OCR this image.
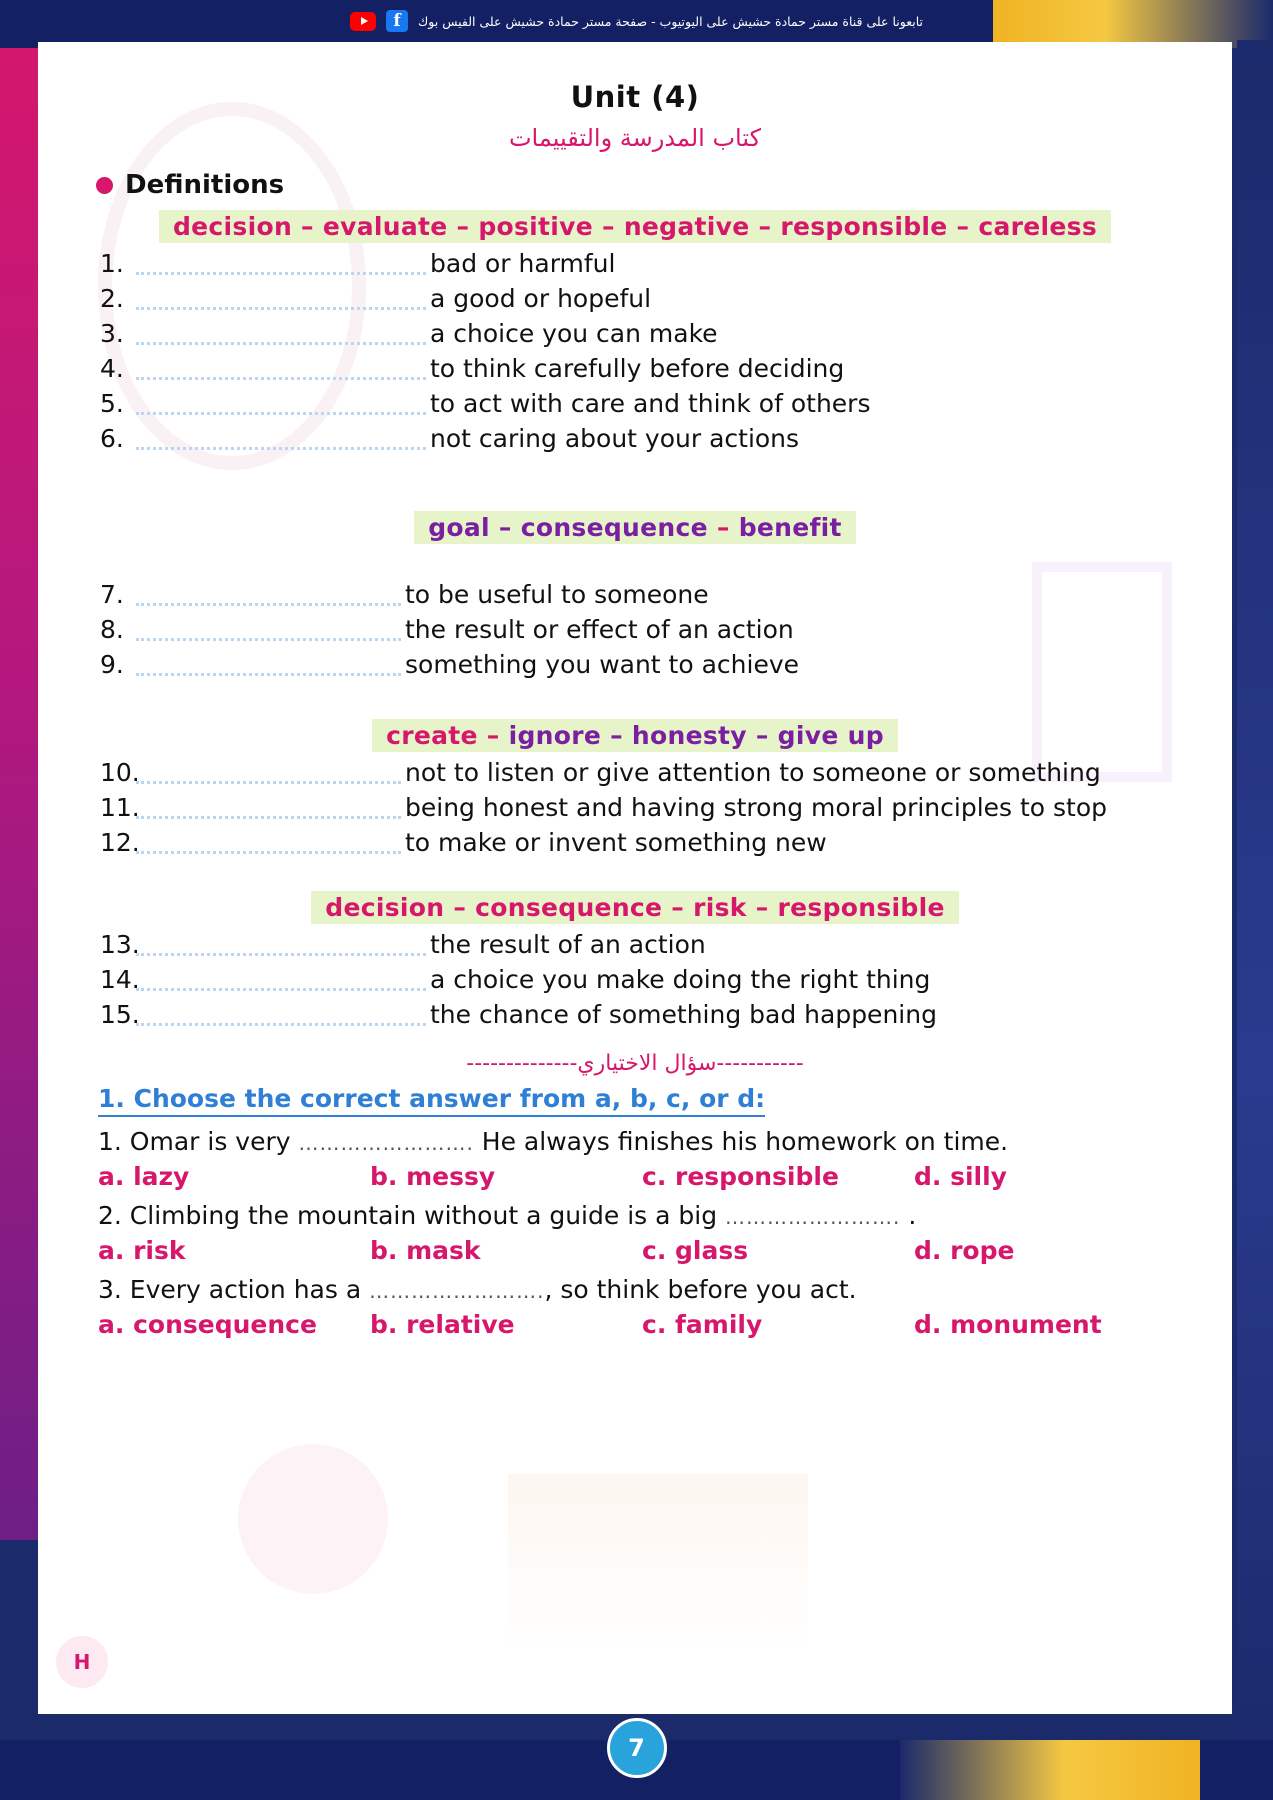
تابعونا على قناة مستر حمادة حشيش على اليوتيوب - صفحة مستر حمادة حشيش على الفيس بوك
f
Unit (4)
كتاب المدرسة والتقييمات
Definitions
decision – evaluate – positive – negative – responsible – careless
1.	bad or harmful
2.	a good or hopeful
3.	a choice you can make
4.	to think carefully before deciding
5.	to act with care and think of others
6.	not caring about your actions
goal – consequence – benefit
7.	to be useful to someone
8.	the result or effect of an action
9.	something you want to achieve
create – ignore – honesty – give up
10.	not to listen or give attention to someone or something
11.	being honest and having strong moral principles to stop
12.	to make or invent something new
decision – consequence – risk – responsible
13.	the result of an action
14.	a choice you make doing the right thing
15.	the chance of something bad happening
-----------سؤال الاختياري--------------
1. Choose the correct answer from a, b, c, or d:
1. Omar is very ……………………. He always finishes his homework on time.
a. lazy	b. messy	c. responsible	d. silly
2. Climbing the mountain without a guide is a big ……………………. .
a. risk	b. mask	c. glass	d. rope
3. Every action has a ……………………., so think before you act.
a. consequence	b. relative	c. family	d. monument
H
7
